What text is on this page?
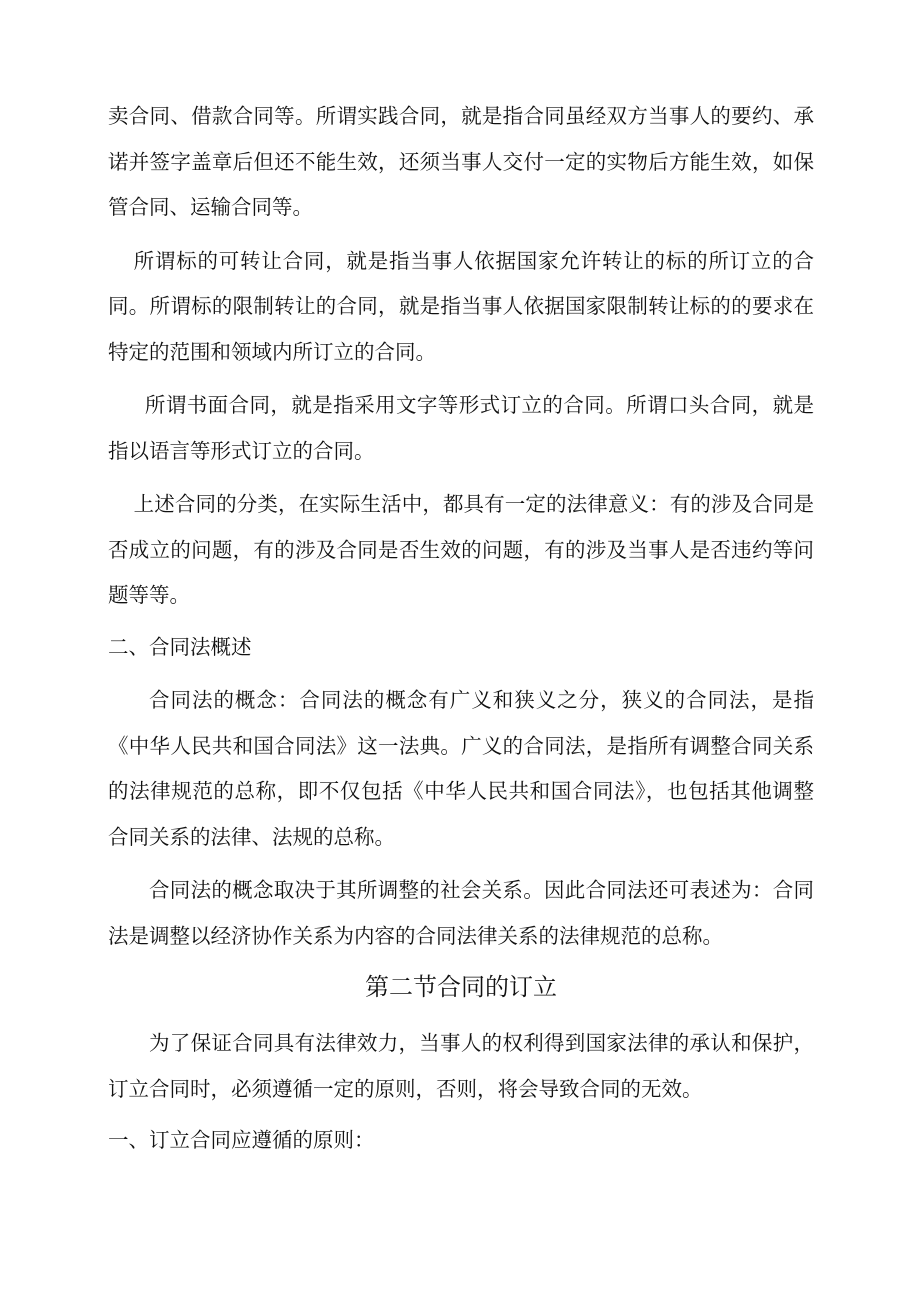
卖合同、借款合同等。所谓实践合同，就是指合同虽经双方当事人的要约、承诺并签字盖章后但还不能生效，还须当事人交付一定的实物后方能生效，如保管合同、运输合同等。

所谓标的可转让合同，就是指当事人依据国家允许转让的标的所订立的合同。所谓标的限制转让的合同，就是指当事人依据国家限制转让标的的要求在特定的范围和领域内所订立的合同。

所谓书面合同，就是指采用文字等形式订立的合同。所谓口头合同，就是指以语言等形式订立的合同。

上述合同的分类，在实际生活中，都具有一定的法律意义：有的涉及合同是否成立的问题，有的涉及合同是否生效的问题，有的涉及当事人是否违约等问题等等。

二、合同法概述

合同法的概念：合同法的概念有广义和狭义之分，狭义的合同法，是指《中华人民共和国合同法》这一法典。广义的合同法，是指所有调整合同关系的法律规范的总称，即不仅包括《中华人民共和国合同法》，也包括其他调整合同关系的法律、法规的总称。

合同法的概念取决于其所调整的社会关系。因此合同法还可表述为：合同法是调整以经济协作关系为内容的合同法律关系的法律规范的总称。

第二节合同的订立

为了保证合同具有法律效力，当事人的权利得到国家法律的承认和保护，订立合同时，必须遵循一定的原则，否则，将会导致合同的无效。

一、订立合同应遵循的原则：
